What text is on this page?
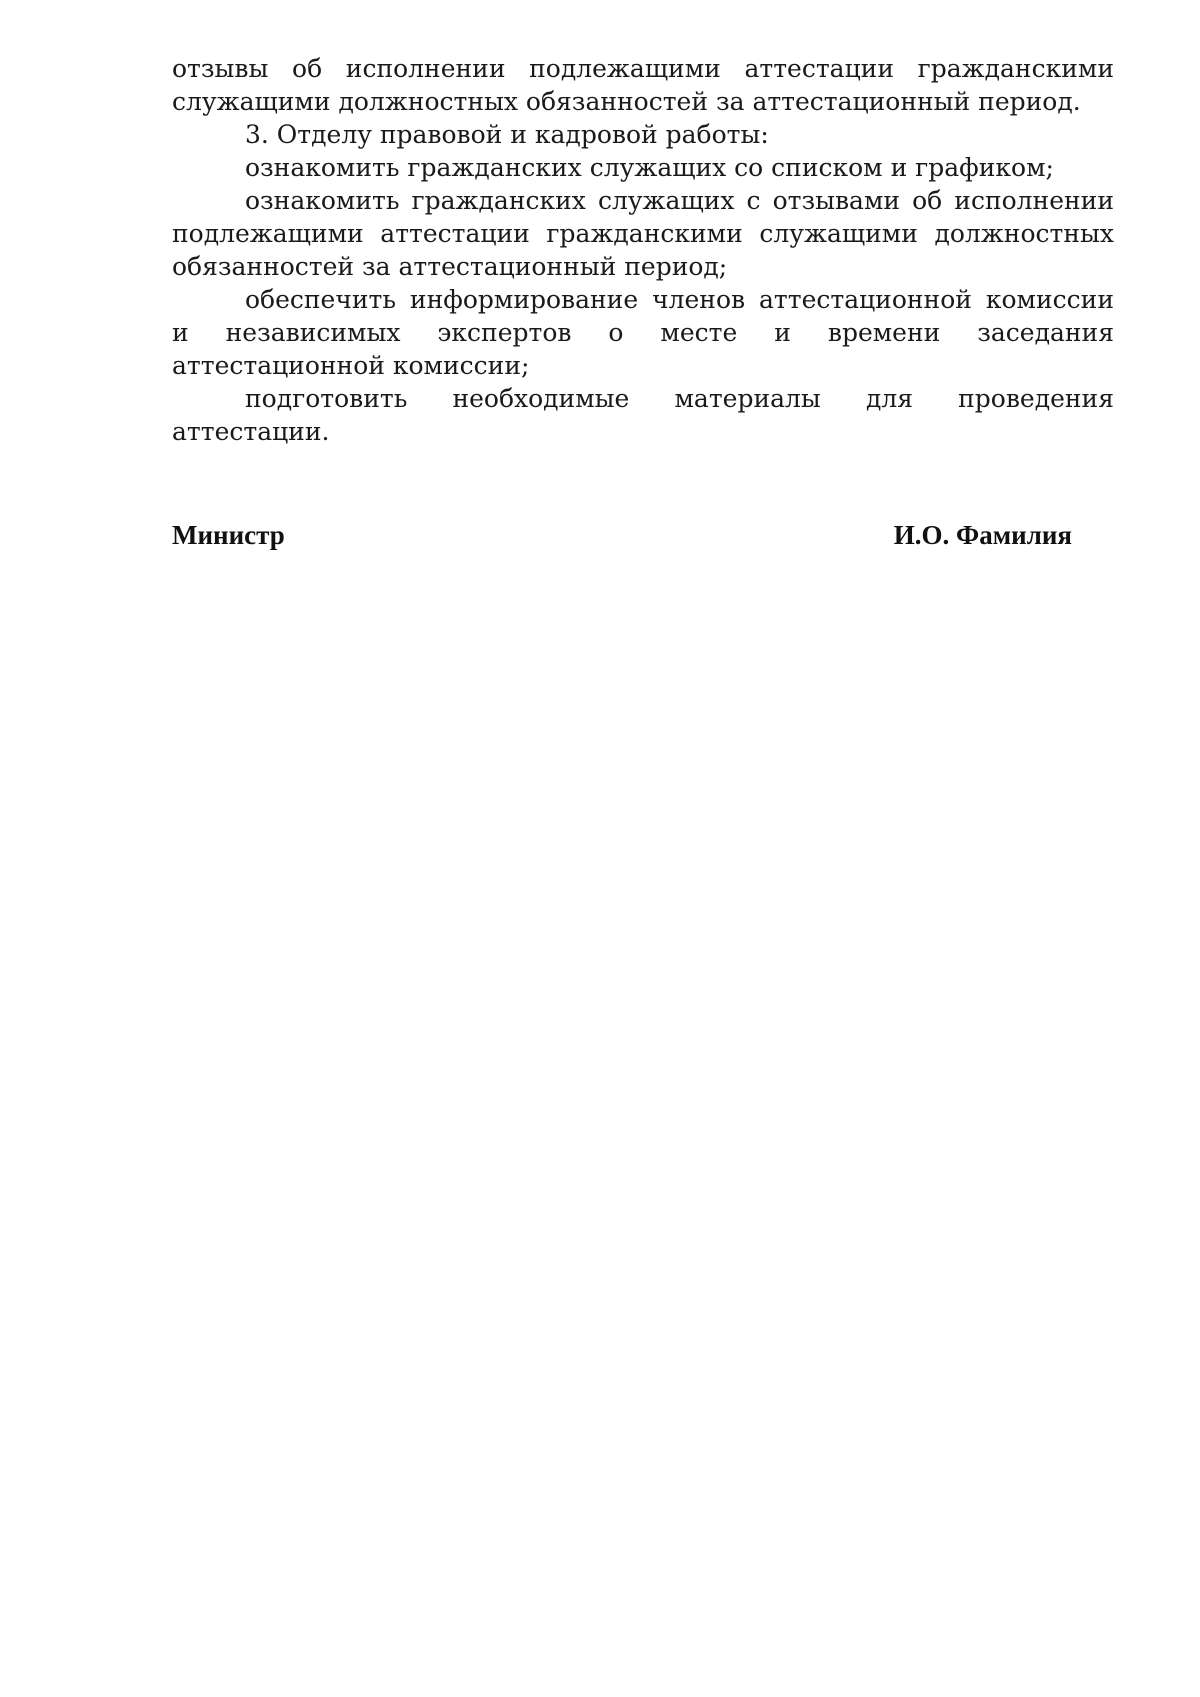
отзывы об исполнении подлежащими аттестации гражданскими служащими должностных обязанностей за аттестационный период.

3. Отделу правовой и кадровой работы:

ознакомить гражданских служащих со списком и графиком;

ознакомить гражданских служащих с отзывами об исполнении подлежащими аттестации гражданскими служащими должностных обязанностей за аттестационный период;

обеспечить информирование членов аттестационной комиссии и независимых экспертов о месте и времени заседания аттестационной комиссии;

подготовить необходимые материалы для проведения аттестации.

Министр	И.О. Фамилия
